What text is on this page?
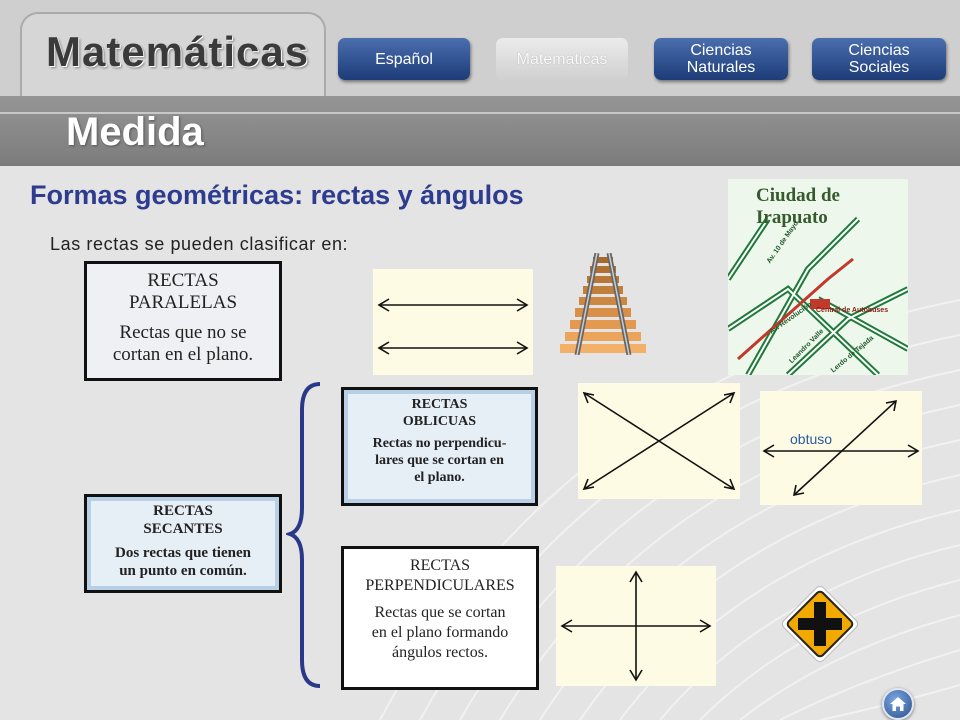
Matemáticas	Español	Matemáticas	Ciencias
Naturales
Ciencias
Sociales
Medida
Formas geométricas: rectas y ángulos
Las rectas se pueden clasificar en:
RECTAS
PARALELAS
Rectas que no se
cortan en el plano.
RECTAS
SECANTES
Dos rectas que tienen
un punto en común.
RECTAS
OBLICUAS
Rectas no perpendicu-
lares que se cortan en
el plano.
RECTAS
PERPENDICULARES
Rectas que se cortan
en el plano formando
ángulos rectos.
Ciudad de Irapuato
Av. 10 de Mayo
Av. Revolución
Leandro Valle Lerdo de Tejada
Central de Autobuses
obtuso
